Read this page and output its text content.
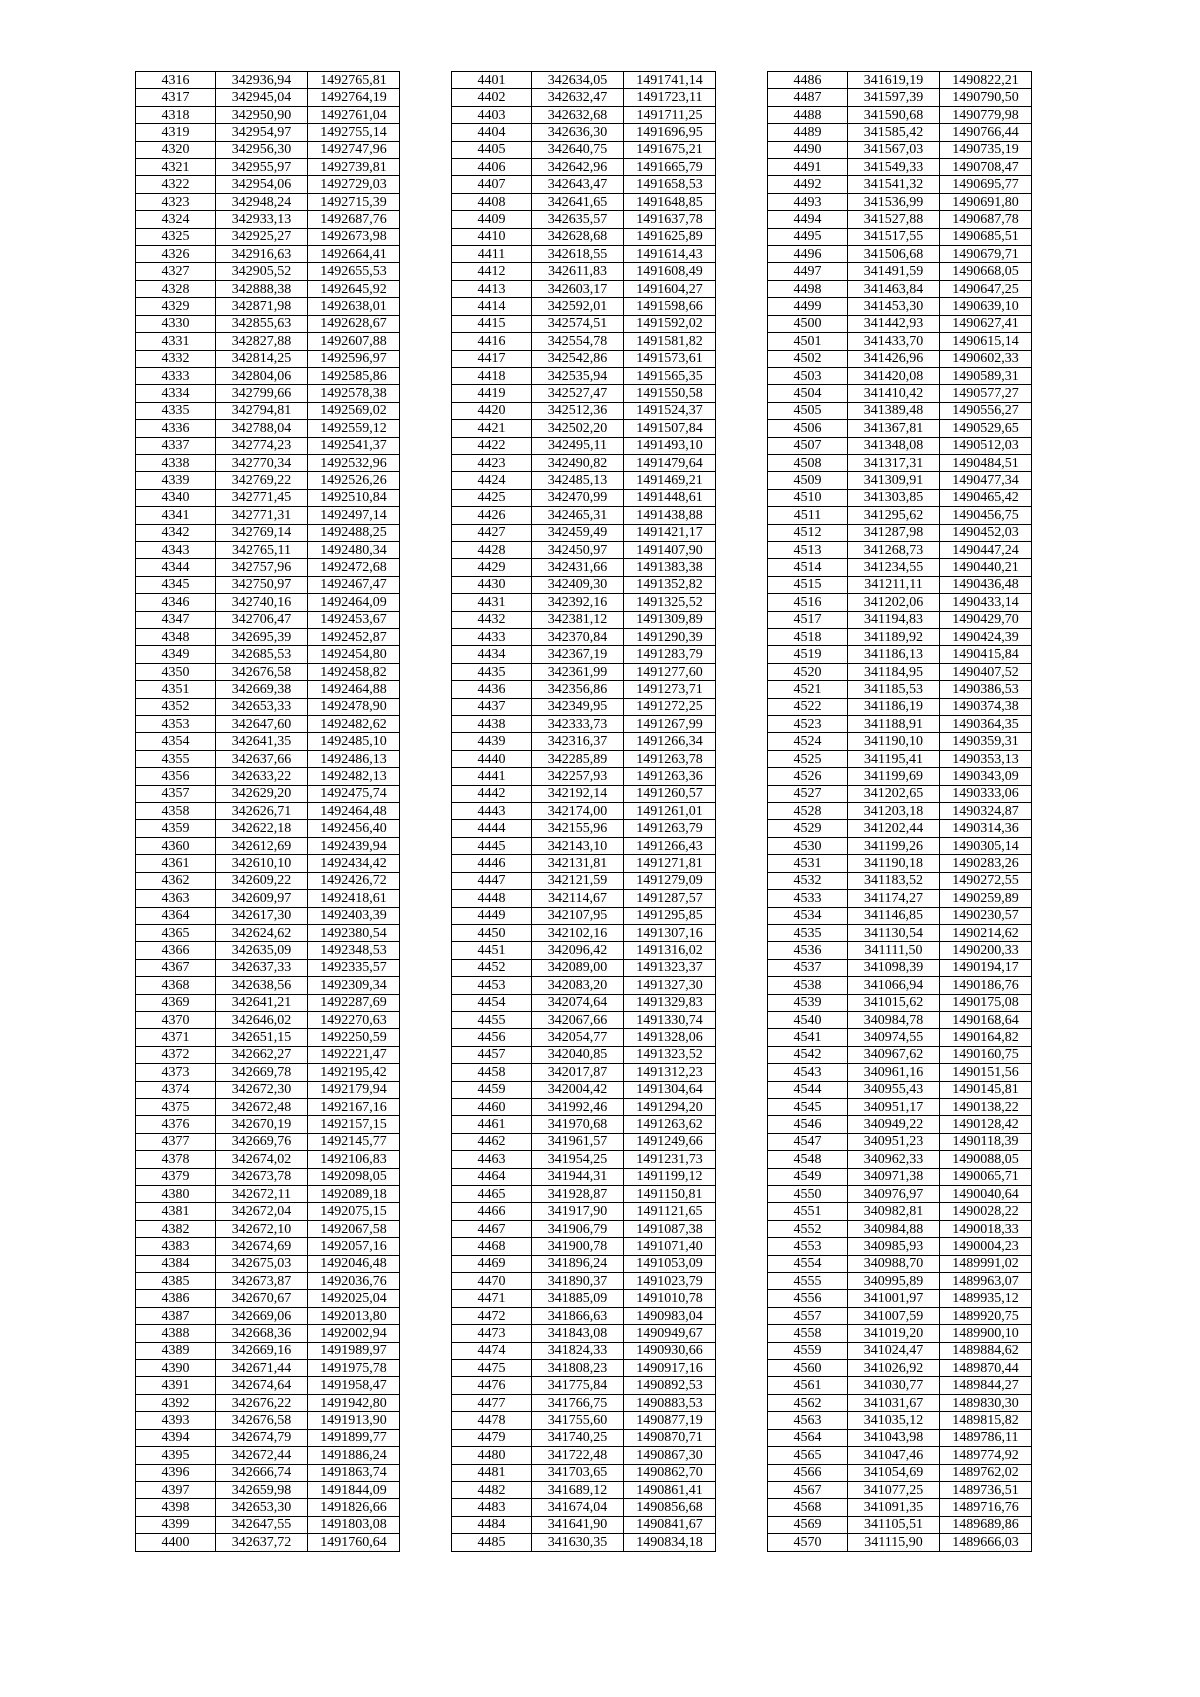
4316	342936,94	1492765,81
4317	342945,04	1492764,19
4318	342950,90	1492761,04
4319	342954,97	1492755,14
4320	342956,30	1492747,96
4321	342955,97	1492739,81
4322	342954,06	1492729,03
4323	342948,24	1492715,39
4324	342933,13	1492687,76
4325	342925,27	1492673,98
4326	342916,63	1492664,41
4327	342905,52	1492655,53
4328	342888,38	1492645,92
4329	342871,98	1492638,01
4330	342855,63	1492628,67
4331	342827,88	1492607,88
4332	342814,25	1492596,97
4333	342804,06	1492585,86
4334	342799,66	1492578,38
4335	342794,81	1492569,02
4336	342788,04	1492559,12
4337	342774,23	1492541,37
4338	342770,34	1492532,96
4339	342769,22	1492526,26
4340	342771,45	1492510,84
4341	342771,31	1492497,14
4342	342769,14	1492488,25
4343	342765,11	1492480,34
4344	342757,96	1492472,68
4345	342750,97	1492467,47
4346	342740,16	1492464,09
4347	342706,47	1492453,67
4348	342695,39	1492452,87
4349	342685,53	1492454,80
4350	342676,58	1492458,82
4351	342669,38	1492464,88
4352	342653,33	1492478,90
4353	342647,60	1492482,62
4354	342641,35	1492485,10
4355	342637,66	1492486,13
4356	342633,22	1492482,13
4357	342629,20	1492475,74
4358	342626,71	1492464,48
4359	342622,18	1492456,40
4360	342612,69	1492439,94
4361	342610,10	1492434,42
4362	342609,22	1492426,72
4363	342609,97	1492418,61
4364	342617,30	1492403,39
4365	342624,62	1492380,54
4366	342635,09	1492348,53
4367	342637,33	1492335,57
4368	342638,56	1492309,34
4369	342641,21	1492287,69
4370	342646,02	1492270,63
4371	342651,15	1492250,59
4372	342662,27	1492221,47
4373	342669,78	1492195,42
4374	342672,30	1492179,94
4375	342672,48	1492167,16
4376	342670,19	1492157,15
4377	342669,76	1492145,77
4378	342674,02	1492106,83
4379	342673,78	1492098,05
4380	342672,11	1492089,18
4381	342672,04	1492075,15
4382	342672,10	1492067,58
4383	342674,69	1492057,16
4384	342675,03	1492046,48
4385	342673,87	1492036,76
4386	342670,67	1492025,04
4387	342669,06	1492013,80
4388	342668,36	1492002,94
4389	342669,16	1491989,97
4390	342671,44	1491975,78
4391	342674,64	1491958,47
4392	342676,22	1491942,80
4393	342676,58	1491913,90
4394	342674,79	1491899,77
4395	342672,44	1491886,24
4396	342666,74	1491863,74
4397	342659,98	1491844,09
4398	342653,30	1491826,66
4399	342647,55	1491803,08
4400	342637,72	1491760,64
4401	342634,05	1491741,14
4402	342632,47	1491723,11
4403	342632,68	1491711,25
4404	342636,30	1491696,95
4405	342640,75	1491675,21
4406	342642,96	1491665,79
4407	342643,47	1491658,53
4408	342641,65	1491648,85
4409	342635,57	1491637,78
4410	342628,68	1491625,89
4411	342618,55	1491614,43
4412	342611,83	1491608,49
4413	342603,17	1491604,27
4414	342592,01	1491598,66
4415	342574,51	1491592,02
4416	342554,78	1491581,82
4417	342542,86	1491573,61
4418	342535,94	1491565,35
4419	342527,47	1491550,58
4420	342512,36	1491524,37
4421	342502,20	1491507,84
4422	342495,11	1491493,10
4423	342490,82	1491479,64
4424	342485,13	1491469,21
4425	342470,99	1491448,61
4426	342465,31	1491438,88
4427	342459,49	1491421,17
4428	342450,97	1491407,90
4429	342431,66	1491383,38
4430	342409,30	1491352,82
4431	342392,16	1491325,52
4432	342381,12	1491309,89
4433	342370,84	1491290,39
4434	342367,19	1491283,79
4435	342361,99	1491277,60
4436	342356,86	1491273,71
4437	342349,95	1491272,25
4438	342333,73	1491267,99
4439	342316,37	1491266,34
4440	342285,89	1491263,78
4441	342257,93	1491263,36
4442	342192,14	1491260,57
4443	342174,00	1491261,01
4444	342155,96	1491263,79
4445	342143,10	1491266,43
4446	342131,81	1491271,81
4447	342121,59	1491279,09
4448	342114,67	1491287,57
4449	342107,95	1491295,85
4450	342102,16	1491307,16
4451	342096,42	1491316,02
4452	342089,00	1491323,37
4453	342083,20	1491327,30
4454	342074,64	1491329,83
4455	342067,66	1491330,74
4456	342054,77	1491328,06
4457	342040,85	1491323,52
4458	342017,87	1491312,23
4459	342004,42	1491304,64
4460	341992,46	1491294,20
4461	341970,68	1491263,62
4462	341961,57	1491249,66
4463	341954,25	1491231,73
4464	341944,31	1491199,12
4465	341928,87	1491150,81
4466	341917,90	1491121,65
4467	341906,79	1491087,38
4468	341900,78	1491071,40
4469	341896,24	1491053,09
4470	341890,37	1491023,79
4471	341885,09	1491010,78
4472	341866,63	1490983,04
4473	341843,08	1490949,67
4474	341824,33	1490930,66
4475	341808,23	1490917,16
4476	341775,84	1490892,53
4477	341766,75	1490883,53
4478	341755,60	1490877,19
4479	341740,25	1490870,71
4480	341722,48	1490867,30
4481	341703,65	1490862,70
4482	341689,12	1490861,41
4483	341674,04	1490856,68
4484	341641,90	1490841,67
4485	341630,35	1490834,18
4486	341619,19	1490822,21
4487	341597,39	1490790,50
4488	341590,68	1490779,98
4489	341585,42	1490766,44
4490	341567,03	1490735,19
4491	341549,33	1490708,47
4492	341541,32	1490695,77
4493	341536,99	1490691,80
4494	341527,88	1490687,78
4495	341517,55	1490685,51
4496	341506,68	1490679,71
4497	341491,59	1490668,05
4498	341463,84	1490647,25
4499	341453,30	1490639,10
4500	341442,93	1490627,41
4501	341433,70	1490615,14
4502	341426,96	1490602,33
4503	341420,08	1490589,31
4504	341410,42	1490577,27
4505	341389,48	1490556,27
4506	341367,81	1490529,65
4507	341348,08	1490512,03
4508	341317,31	1490484,51
4509	341309,91	1490477,34
4510	341303,85	1490465,42
4511	341295,62	1490456,75
4512	341287,98	1490452,03
4513	341268,73	1490447,24
4514	341234,55	1490440,21
4515	341211,11	1490436,48
4516	341202,06	1490433,14
4517	341194,83	1490429,70
4518	341189,92	1490424,39
4519	341186,13	1490415,84
4520	341184,95	1490407,52
4521	341185,53	1490386,53
4522	341186,19	1490374,38
4523	341188,91	1490364,35
4524	341190,10	1490359,31
4525	341195,41	1490353,13
4526	341199,69	1490343,09
4527	341202,65	1490333,06
4528	341203,18	1490324,87
4529	341202,44	1490314,36
4530	341199,26	1490305,14
4531	341190,18	1490283,26
4532	341183,52	1490272,55
4533	341174,27	1490259,89
4534	341146,85	1490230,57
4535	341130,54	1490214,62
4536	341111,50	1490200,33
4537	341098,39	1490194,17
4538	341066,94	1490186,76
4539	341015,62	1490175,08
4540	340984,78	1490168,64
4541	340974,55	1490164,82
4542	340967,62	1490160,75
4543	340961,16	1490151,56
4544	340955,43	1490145,81
4545	340951,17	1490138,22
4546	340949,22	1490128,42
4547	340951,23	1490118,39
4548	340962,33	1490088,05
4549	340971,38	1490065,71
4550	340976,97	1490040,64
4551	340982,81	1490028,22
4552	340984,88	1490018,33
4553	340985,93	1490004,23
4554	340988,70	1489991,02
4555	340995,89	1489963,07
4556	341001,97	1489935,12
4557	341007,59	1489920,75
4558	341019,20	1489900,10
4559	341024,47	1489884,62
4560	341026,92	1489870,44
4561	341030,77	1489844,27
4562	341031,67	1489830,30
4563	341035,12	1489815,82
4564	341043,98	1489786,11
4565	341047,46	1489774,92
4566	341054,69	1489762,02
4567	341077,25	1489736,51
4568	341091,35	1489716,76
4569	341105,51	1489689,86
4570	341115,90	1489666,03
